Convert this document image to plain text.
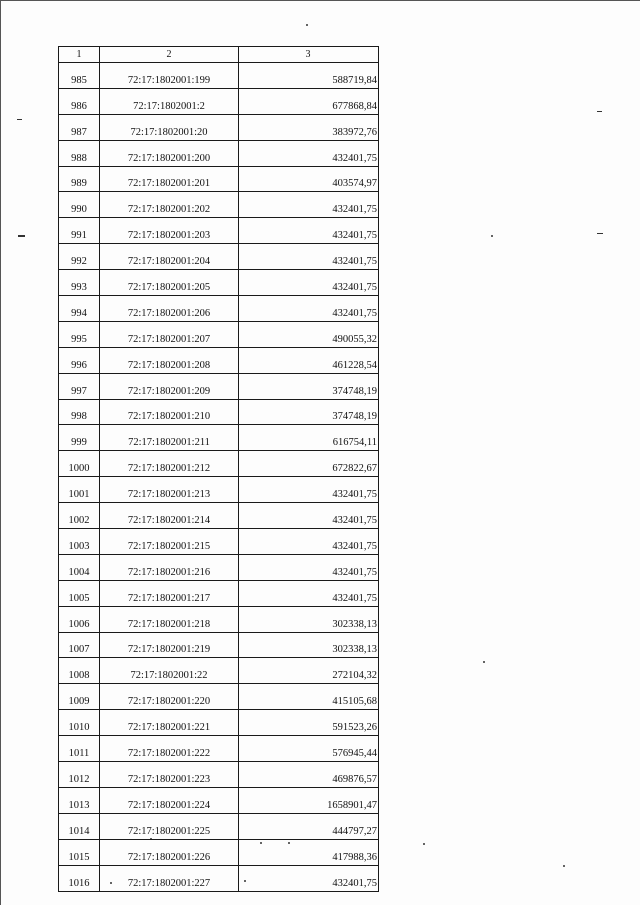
1	2	3
985	72:17:1802001:199	588719,84
986	72:17:1802001:2	677868,84
987	72:17:1802001:20	383972,76
988	72:17:1802001:200	432401,75
989	72:17:1802001:201	403574,97
990	72:17:1802001:202	432401,75
991	72:17:1802001:203	432401,75
992	72:17:1802001:204	432401,75
993	72:17:1802001:205	432401,75
994	72:17:1802001:206	432401,75
995	72:17:1802001:207	490055,32
996	72:17:1802001:208	461228,54
997	72:17:1802001:209	374748,19
998	72:17:1802001:210	374748,19
999	72:17:1802001:211	616754,11
1000	72:17:1802001:212	672822,67
1001	72:17:1802001:213	432401,75
1002	72:17:1802001:214	432401,75
1003	72:17:1802001:215	432401,75
1004	72:17:1802001:216	432401,75
1005	72:17:1802001:217	432401,75
1006	72:17:1802001:218	302338,13
1007	72:17:1802001:219	302338,13
1008	72:17:1802001:22	272104,32
1009	72:17:1802001:220	415105,68
1010	72:17:1802001:221	591523,26
1011	72:17:1802001:222	576945,44
1012	72:17:1802001:223	469876,57
1013	72:17:1802001:224	1658901,47
1014	72:17:1802001:225	444797,27
1015	72:17:1802001:226	417988,36
1016	72:17:1802001:227	432401,75
